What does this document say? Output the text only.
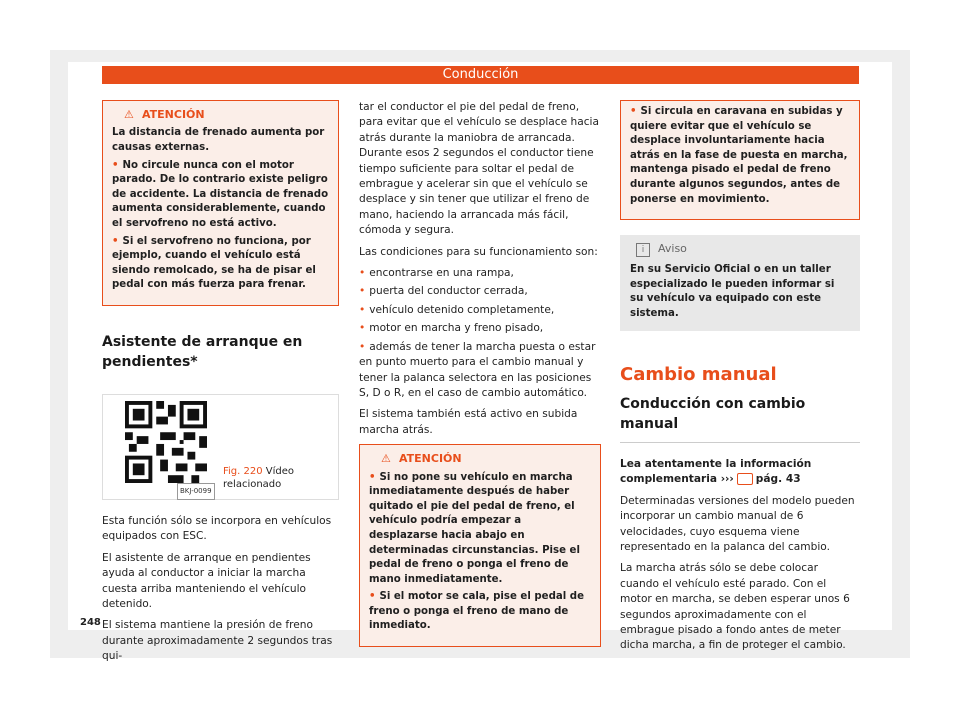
Conducción
⚠ ATENCIÓN

La distancia de frenado aumenta por causas externas.

• No circule nunca con el motor parado. De lo contrario existe peligro de accidente. La distancia de frenado aumenta considerablemente, cuando el servofreno no está activo.

• Si el servofreno no funciona, por ejemplo, cuando el vehículo está siendo remolcado, se ha de pisar el pedal con más fuerza para frenar.

Asistente de arranque en pendientes*
BKJ-0099
Fig. 220 Vídeo relacionado

Esta función sólo se incorpora en vehículos equipados con ESC.

El asistente de arranque en pendientes ayuda al conductor a iniciar la marcha cuesta arriba manteniendo el vehículo detenido.

El sistema mantiene la presión de freno durante aproximadamente 2 segundos tras qui-

tar el conductor el pie del pedal de freno, para evitar que el vehículo se desplace hacia atrás durante la maniobra de arrancada. Durante esos 2 segundos el conductor tiene tiempo suficiente para soltar el pedal de embrague y acelerar sin que el vehículo se desplace y sin tener que utilizar el freno de mano, haciendo la arrancada más fácil, cómoda y segura.

Las condiciones para su funcionamiento son:

• encontrarse en una rampa,

• puerta del conductor cerrada,

• vehículo detenido completamente,

• motor en marcha y freno pisado,

• además de tener la marcha puesta o estar en punto muerto para el cambio manual y tener la palanca selectora en las posiciones S, D o R, en el caso de cambio automático.

El sistema también está activo en subida marcha atrás.

⚠ ATENCIÓN

• Si no pone su vehículo en marcha inmediatamente después de haber quitado el pie del pedal de freno, el vehículo podría empezar a desplazarse hacia abajo en determinadas circunstancias. Pise el pedal de freno o ponga el freno de mano inmediatamente.

• Si el motor se cala, pise el pedal de freno o ponga el freno de mano de inmediato.

• Si circula en caravana en subidas y quiere evitar que el vehículo se desplace involuntariamente hacia atrás en la fase de puesta en marcha, mantenga pisado el pedal de freno durante algunos segundos, antes de ponerse en movimiento.

i Aviso

En su Servicio Oficial o en un taller especializado le pueden informar si su vehículo va equipado con este sistema.

Cambio manual
Conducción con cambio manual

Lea atentamente la información complementaria ››› pág. 43

Determinadas versiones del modelo pueden incorporar un cambio manual de 6 velocidades, cuyo esquema viene representado en la palanca del cambio.

La marcha atrás sólo se debe colocar cuando el vehículo esté parado. Con el motor en marcha, se deben esperar unos 6 segundos aproximadamente con el embrague pisado a fondo antes de meter dicha marcha, a fin de proteger el cambio.

248
